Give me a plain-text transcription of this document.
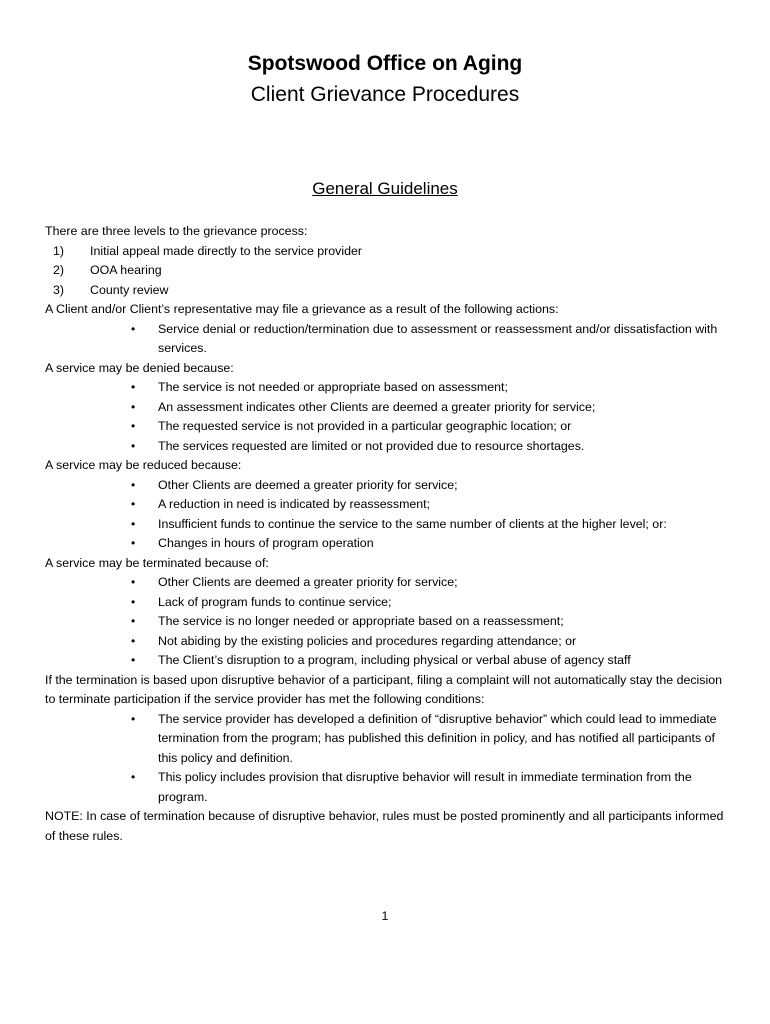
Spotswood Office on Aging
Client Grievance Procedures
General Guidelines

There are three levels to the grievance process:

1) Initial appeal made directly to the service provider
2) OOA hearing
3) County review

A Client and/or Client’s representative may file a grievance as a result of the following actions:

• Service denial or reduction/termination due to assessment or reassessment and/or dissatisfaction with services.

A service may be denied because:

• The service is not needed or appropriate based on assessment;
• An assessment indicates other Clients are deemed a greater priority for service;
• The requested service is not provided in a particular geographic location; or
• The services requested are limited or not provided due to resource shortages.

A service may be reduced because:

• Other Clients are deemed a greater priority for service;
• A reduction in need is indicated by reassessment;
• Insufficient funds to continue the service to the same number of clients at the higher level; or:
• Changes in hours of program operation

A service may be terminated because of:

• Other Clients are deemed a greater priority for service;
• Lack of program funds to continue service;
• The service is no longer needed or appropriate based on a reassessment;
• Not abiding by the existing policies and procedures regarding attendance; or
• The Client’s disruption to a program, including physical or verbal abuse of agency staff

If the termination is based upon disruptive behavior of a participant, filing a complaint will not automatically stay the decision to terminate participation if the service provider has met the following conditions:

• The service provider has developed a definition of “disruptive behavior” which could lead to immediate termination from the program; has published this definition in policy, and has notified all participants of this policy and definition.
• This policy includes provision that disruptive behavior will result in immediate termination from the program.

NOTE: In case of termination because of disruptive behavior, rules must be posted prominently and all participants informed of these rules.

1
